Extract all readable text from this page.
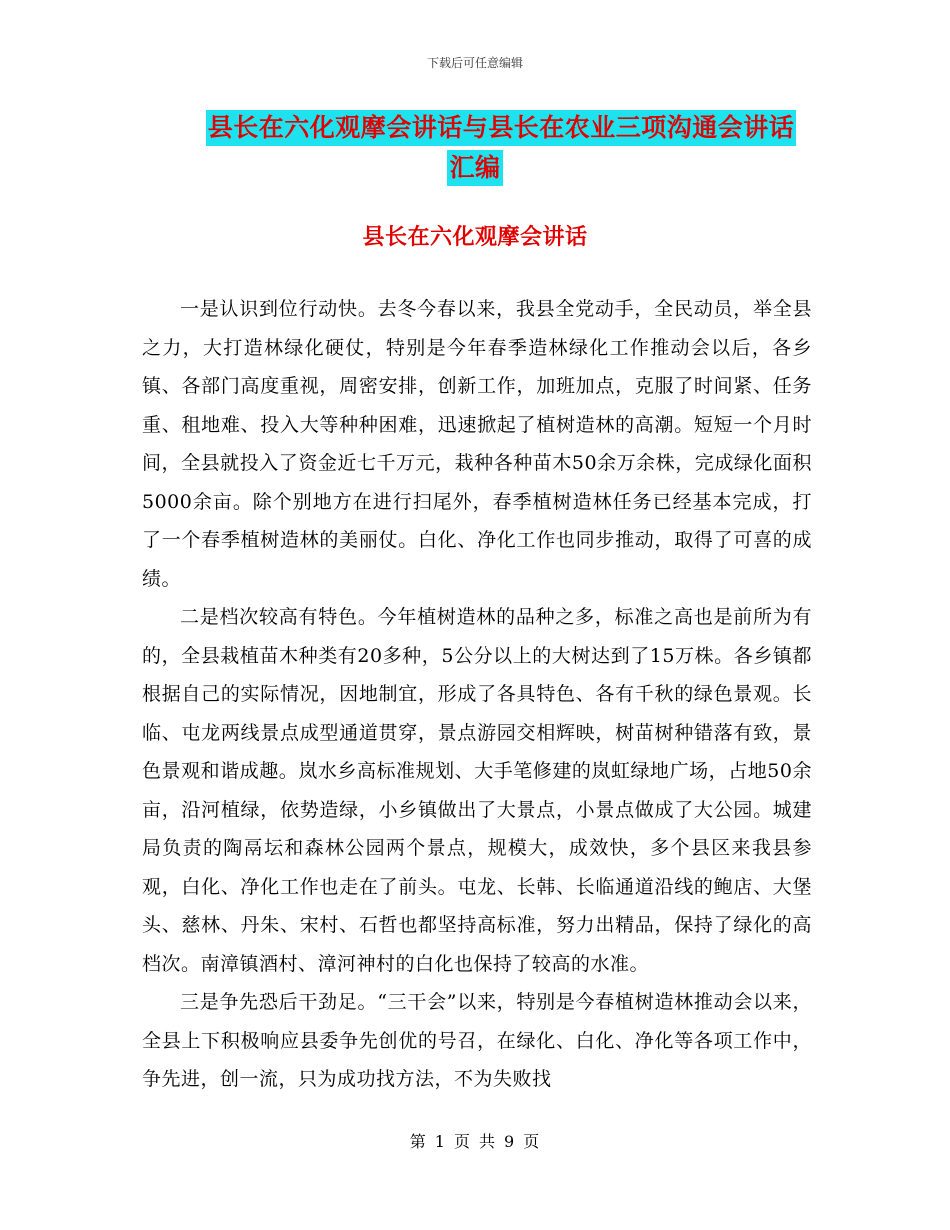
下载后可任意编辑
县长在六化观摩会讲话与县长在农业三项沟通会讲话
汇编
县长在六化观摩会讲话

一是认识到位行动快。去冬今春以来，我县全党动手，全民动员，举全县之力，大打造林绿化硬仗，特别是今年春季造林绿化工作推动会以后，各乡镇、各部门高度重视，周密安排，创新工作，加班加点，克服了时间紧、任务重、租地难、投入大等种种困难，迅速掀起了植树造林的高潮。短短一个月时间，全县就投入了资金近七千万元，栽种各种苗木50余万余株，完成绿化面积5000余亩。除个别地方在进行扫尾外，春季植树造林任务已经基本完成，打了一个春季植树造林的美丽仗。白化、净化工作也同步推动，取得了可喜的成绩。

二是档次较高有特色。今年植树造林的品种之多，标准之高也是前所为有的，全县栽植苗木种类有20多种，5公分以上的大树达到了15万株。各乡镇都根据自己的实际情况，因地制宜，形成了各具特色、各有千秋的绿色景观。长临、屯龙两线景点成型通道贯穿，景点游园交相辉映，树苗树种错落有致，景色景观和谐成趣。岚水乡高标准规划、大手笔修建的岚虹绿地广场，占地50余亩，沿河植绿，依势造绿，小乡镇做出了大景点，小景点做成了大公园。城建局负责的陶鬲坛和森林公园两个景点，规模大，成效快，多个县区来我县参观，白化、净化工作也走在了前头。屯龙、长韩、长临通道沿线的鲍店、大堡头、慈林、丹朱、宋村、石哲也都坚持高标准，努力出精品，保持了绿化的高档次。南漳镇酒村、漳河神村的白化也保持了较高的水准。

三是争先恐后干劲足。“三干会”以来，特别是今春植树造林推动会以来，全县上下积极响应县委争先创优的号召，在绿化、白化、净化等各项工作中，争先进，创一流，只为成功找方法，不为失败找

第 1 页 共 9 页
